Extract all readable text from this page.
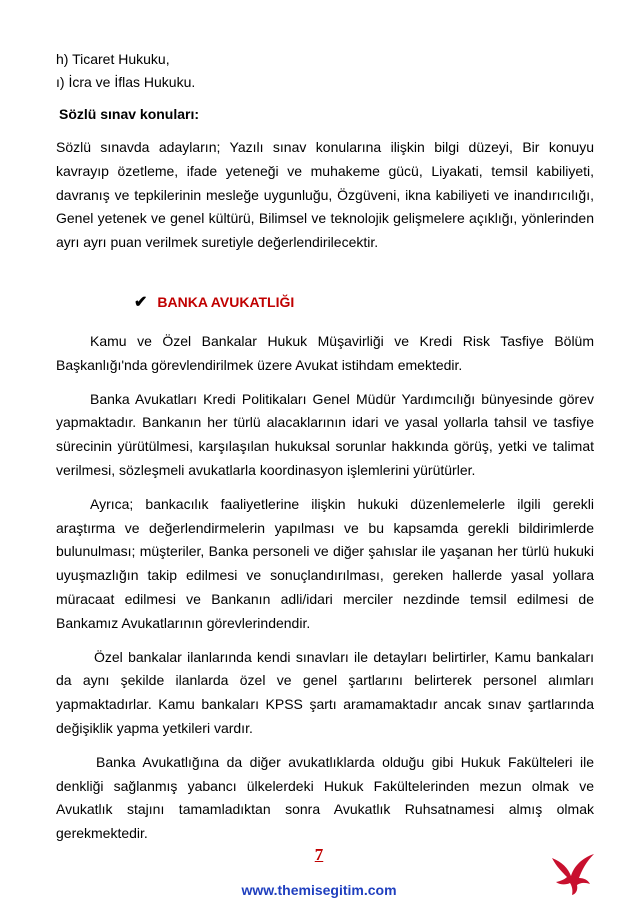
h) Ticaret Hukuku,
ı) İcra ve İflas Hukuku.
Sözlü sınav konuları:

Sözlü sınavda adayların; Yazılı sınav konularına ilişkin bilgi düzeyi, Bir konuyu kavrayıp özetleme, ifade yeteneği ve muhakeme gücü, Liyakati, temsil kabiliyeti, davranış ve tepkilerinin mesleğe uygunluğu, Özgüveni, ikna kabiliyeti ve inandırıcılığı, Genel yetenek ve genel kültürü, Bilimsel ve teknolojik gelişmelere açıklığı, yönlerinden ayrı ayrı puan verilmek suretiyle değerlendirilecektir.

✔ BANKA AVUKATLIĞI

Kamu ve Özel Bankalar Hukuk Müşavirliği ve Kredi Risk Tasfiye Bölüm Başkanlığı'nda görevlendirilmek üzere Avukat istihdam emektedir.

Banka Avukatları Kredi Politikaları Genel Müdür Yardımcılığı bünyesinde görev yapmaktadır. Bankanın her türlü alacaklarının idari ve yasal yollarla tahsil ve tasfiye sürecinin yürütülmesi, karşılaşılan hukuksal sorunlar hakkında görüş, yetki ve talimat verilmesi, sözleşmeli avukatlarla koordinasyon işlemlerini yürütürler.

Ayrıca; bankacılık faaliyetlerine ilişkin hukuki düzenlemelerle ilgili gerekli araştırma ve değerlendirmelerin yapılması ve bu kapsamda gerekli bildirimlerde bulunulması; müşteriler, Banka personeli ve diğer şahıslar ile yaşanan her türlü hukuki uyuşmazlığın takip edilmesi ve sonuçlandırılması, gereken hallerde yasal yollara müracaat edilmesi ve Bankanın adli/idari merciler nezdinde temsil edilmesi de Bankamız Avukatlarının görevlerindendir.

Özel bankalar ilanlarında kendi sınavları ile detayları belirtirler, Kamu bankaları da aynı şekilde ilanlarda özel ve genel şartlarını belirterek personel alımları yapmaktadırlar. Kamu bankaları KPSS şartı aramamaktadır ancak sınav şartlarında değişiklik yapma yetkileri vardır.

Banka Avukatlığına da diğer avukatlıklarda olduğu gibi Hukuk Fakülteleri ile denkliği sağlanmış yabancı ülkelerdeki Hukuk Fakültelerinden mezun olmak ve Avukatlık stajını tamamladıktan sonra Avukatlık Ruhsatnamesi almış olmak gerekmektedir.

7
www.themisegitim.com
